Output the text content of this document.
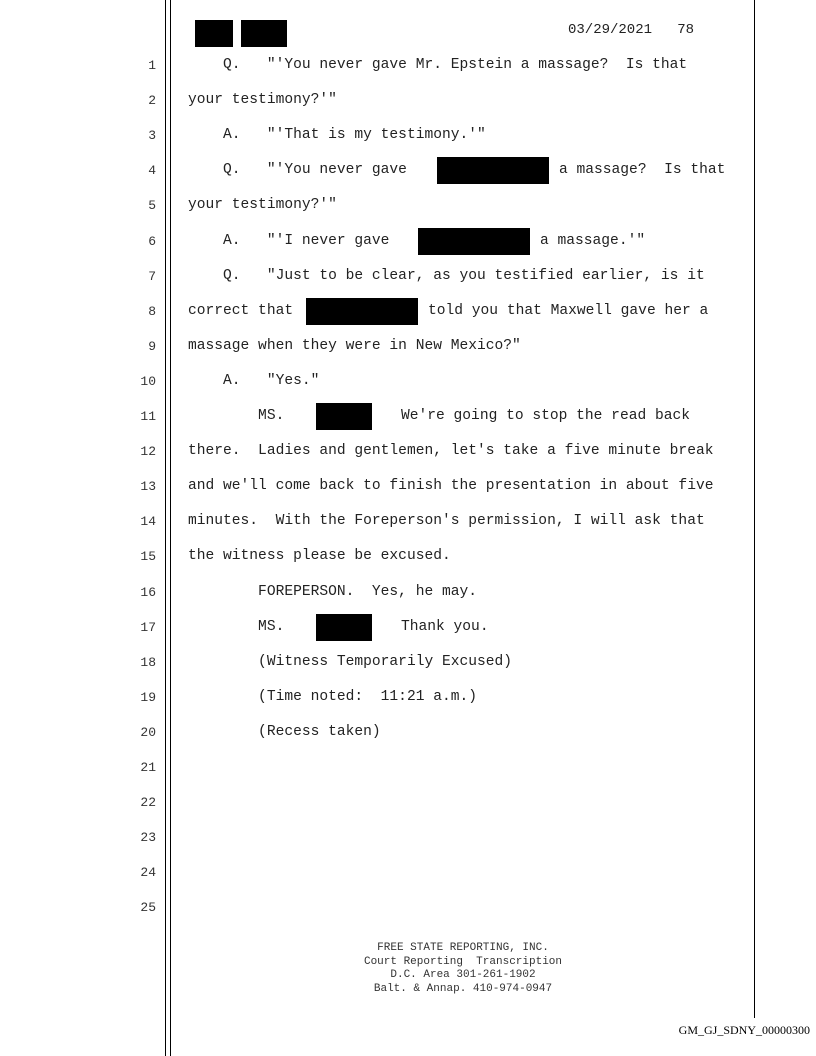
03/29/2021 78
1 Q.   "'You never gave Mr. Epstein a massage?  Is that
2 your testimony?'"
3 A.   "'That is my testimony.'"
4 Q.   "'You never gave	a massage?  Is that
5 your testimony?'"
6 A.   "'I never gave	a massage.'"
7 Q.   "Just to be clear, as you testified earlier, is it
8 correct that	told you that Maxwell gave her a
9 massage when they were in New Mexico?"
10 A.   "Yes."
11 MS.	We're going to stop the read back
12 there.  Ladies and gentlemen, let's take a five minute break
13 and we'll come back to finish the presentation in about five
14 minutes.  With the Foreperson's permission, I will ask that
15 the witness please be excused.
16 FOREPERSON.  Yes, he may.
17 MS.	Thank you.
18 (Witness Temporarily Excused)
19 (Time noted:  11:21 a.m.)
20 (Recess taken)
21
22
23
24
25
FREE STATE REPORTING, INC.
Court Reporting  Transcription
D.C. Area 301-261-1902
Balt. & Annap. 410-974-0947
GM_GJ_SDNY_00000300
